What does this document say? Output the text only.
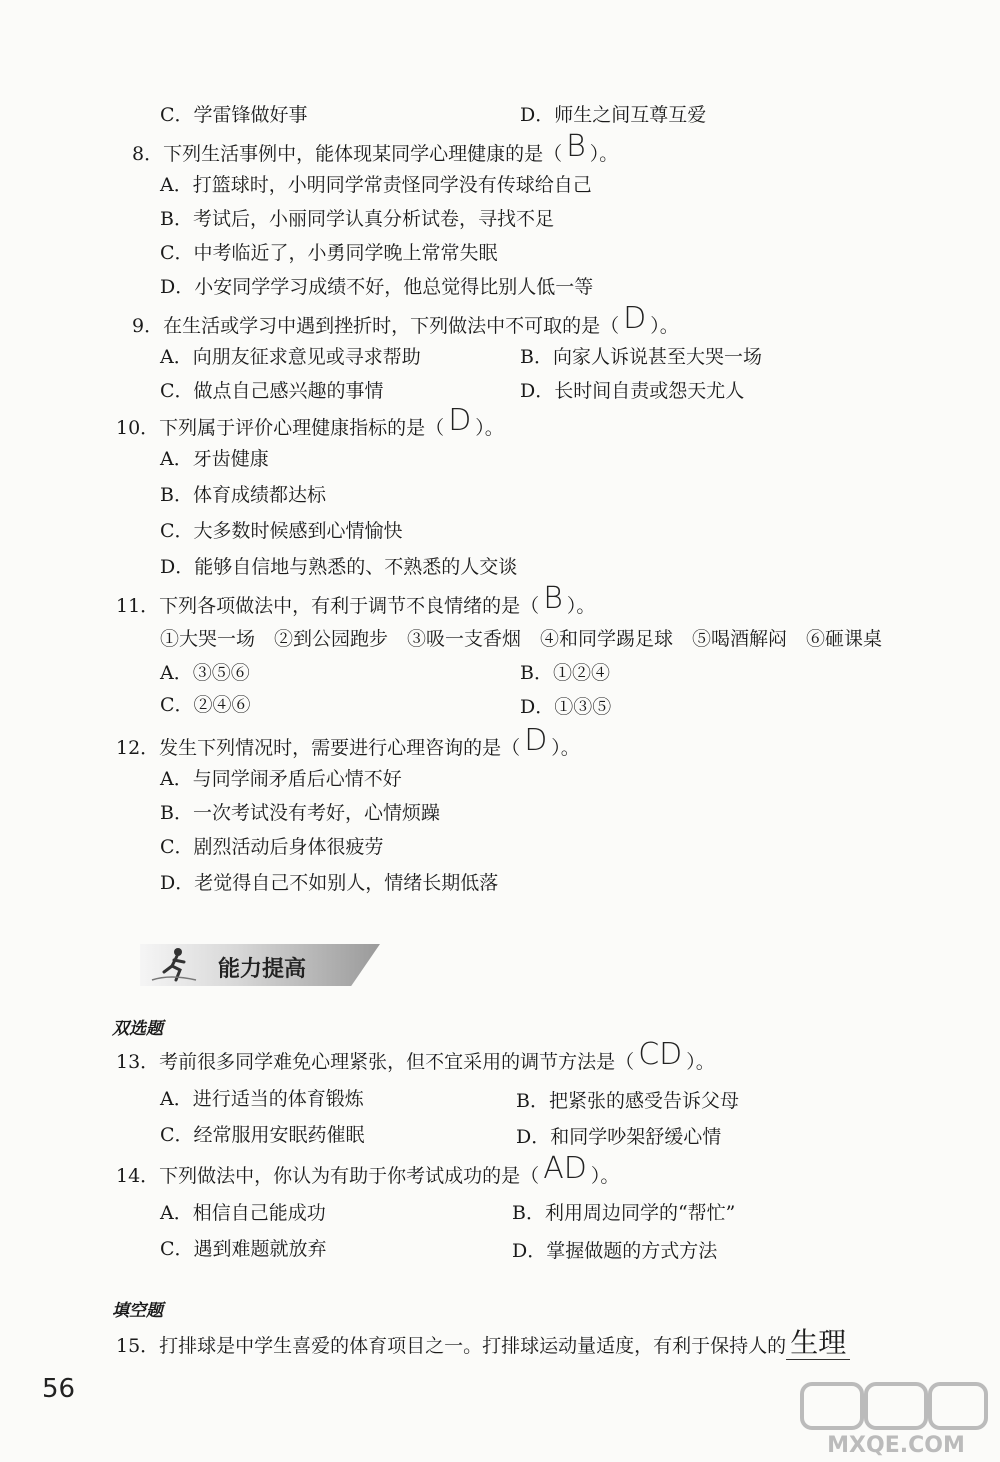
C．学雷锋做好事	D．师生之间互尊互爱
8．下列生活事例中，能体现某同学心理健康的是（ B ）。
A．打篮球时，小明同学常责怪同学没有传球给自己
B．考试后，小丽同学认真分析试卷，寻找不足
C．中考临近了，小勇同学晚上常常失眠
D．小安同学学习成绩不好，他总觉得比别人低一等
9．在生活或学习中遇到挫折时，下列做法中不可取的是（ D ）。
A．向朋友征求意见或寻求帮助	B．向家人诉说甚至大哭一场
C．做点自己感兴趣的事情	D．长时间自责或怨天尤人
10．下列属于评价心理健康指标的是（ D ）。
A．牙齿健康
B．体育成绩都达标
C．大多数时候感到心情愉快
D．能够自信地与熟悉的、不熟悉的人交谈
11．下列各项做法中，有利于调节不良情绪的是（ B ）。
①大哭一场　②到公园跑步　③吸一支香烟　④和同学踢足球　⑤喝酒解闷　⑥砸课桌
A．③⑤⑥	B．①②④
C．②④⑥	D．①③⑤
12．发生下列情况时，需要进行心理咨询的是（ D ）。
A．与同学闹矛盾后心情不好
B．一次考试没有考好，心情烦躁
C．剧烈活动后身体很疲劳
D．老觉得自己不如别人，情绪长期低落
能力提高
双选题
13．考前很多同学难免心理紧张，但不宜采用的调节方法是（ CD ）。
A．进行适当的体育锻炼	B．把紧张的感受告诉父母
C．经常服用安眠药催眠	D．和同学吵架舒缓心情
14．下列做法中，你认为有助于你考试成功的是（ AD ）。
A．相信自己能成功	B．利用周边同学的“帮忙”
C．遇到难题就放弃	D．掌握做题的方式方法
填空题
15．打排球是中学生喜爱的体育项目之一。打排球运动量适度，有利于保持人的 生理
56
MXQE.COM
